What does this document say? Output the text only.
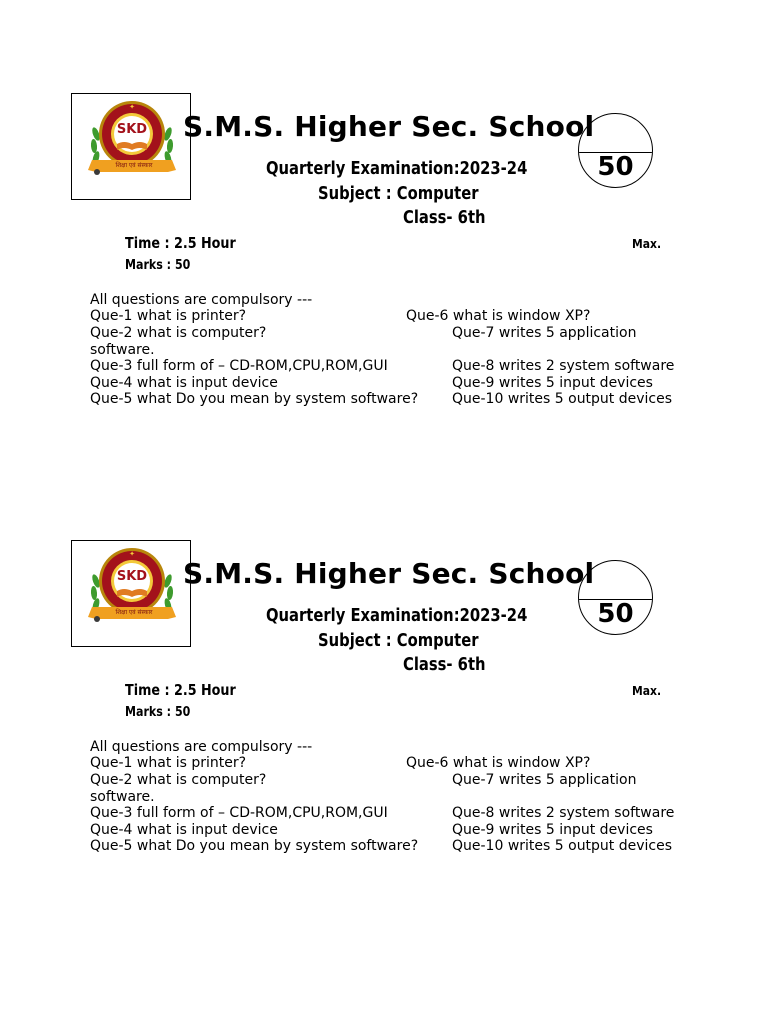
✦
SKD
शिक्षा एवं संस्कार
S.M.S. Higher Sec. School
50
Quarterly Examination:2023-24
Subject : Computer
Class- 6th
Time : 2.5 Hour	Max.
Marks : 50
All questions are compulsory ---
Que-1 what is printer?	Que-6 what is window XP?
Que-2 what is computer?	Que-7 writes 5 application
software.
Que-3 full form of – CD-ROM,CPU,ROM,GUI	Que-8 writes 2 system software
Que-4 what is input device	Que-9 writes 5 input devices
Que-5 what Do you mean by system software? Que-10 writes 5 output devices
✦
SKD
शिक्षा एवं संस्कार
S.M.S. Higher Sec. School
50
Quarterly Examination:2023-24
Subject : Computer
Class- 6th
Time : 2.5 Hour	Max.
Marks : 50
All questions are compulsory ---
Que-1 what is printer?	Que-6 what is window XP?
Que-2 what is computer?	Que-7 writes 5 application
software.
Que-3 full form of – CD-ROM,CPU,ROM,GUI	Que-8 writes 2 system software
Que-4 what is input device	Que-9 writes 5 input devices
Que-5 what Do you mean by system software? Que-10 writes 5 output devices
